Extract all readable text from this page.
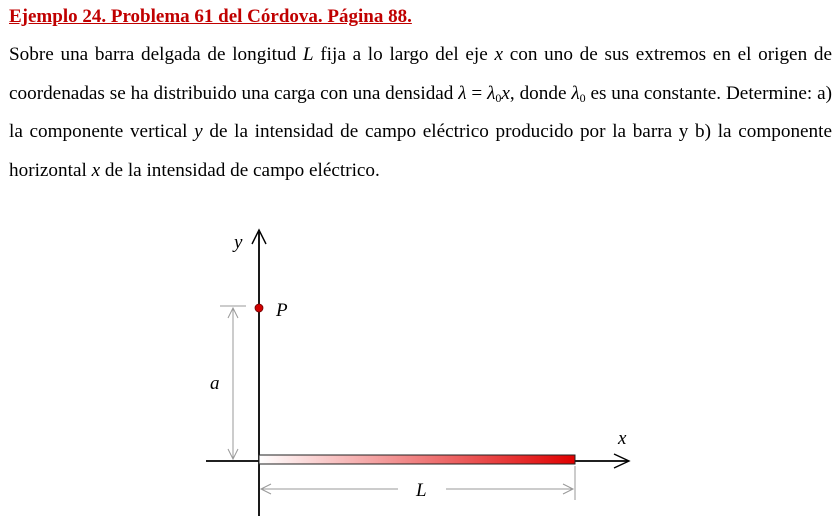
Ejemplo 24. Problema 61 del Córdova. Página 88.

Sobre una barra delgada de longitud L fija a lo largo del eje x con uno de sus extremos en el origen de coordenadas se ha distribuido una carga con una densidad $\lambda = \lambda_0x$, donde $\lambda_0$ es una constante. Determine: a) la componente vertical y de la intensidad de campo eléctrico producido por la barra y b) la componente horizontal x de la intensidad de campo eléctrico.

y
x
P
a
L
